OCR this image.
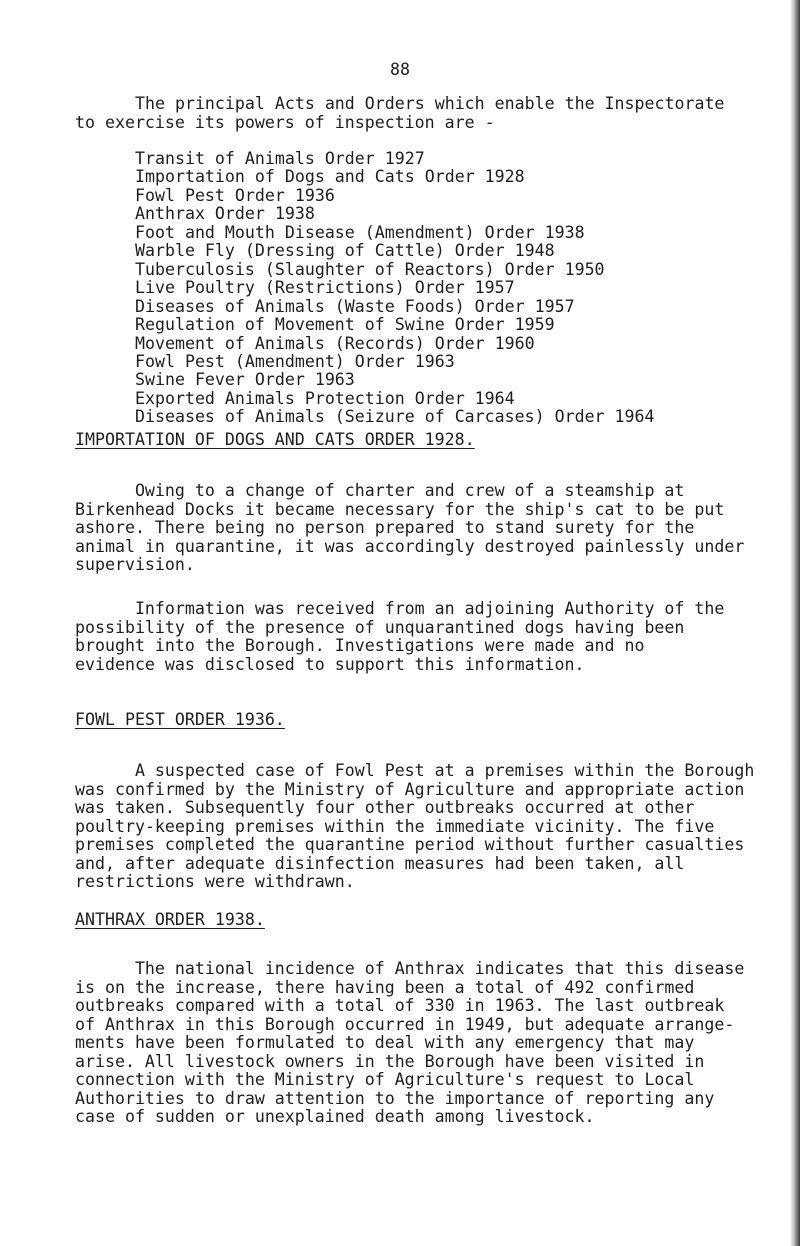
88
The principal Acts and Orders which enable the Inspectorate
to exercise its powers of inspection are -
Transit of Animals Order 1927
Importation of Dogs and Cats Order 1928
Fowl Pest Order 1936
Anthrax Order 1938
Foot and Mouth Disease (Amendment) Order 1938
Warble Fly (Dressing of Cattle) Order 1948
Tuberculosis (Slaughter of Reactors) Order 1950
Live Poultry (Restrictions) Order 1957
Diseases of Animals (Waste Foods) Order 1957
Regulation of Movement of Swine Order 1959
Movement of Animals (Records) Order 1960
Fowl Pest (Amendment) Order 1963
Swine Fever Order 1963
Exported Animals Protection Order 1964
Diseases of Animals (Seizure of Carcases) Order 1964
IMPORTATION OF DOGS AND CATS ORDER 1928.
Owing to a change of charter and crew of a steamship at
Birkenhead Docks it became necessary for the ship's cat to be put
ashore. There being no person prepared to stand surety for the
animal in quarantine, it was accordingly destroyed painlessly under
supervision.
Information was received from an adjoining Authority of the
possibility of the presence of unquarantined dogs having been
brought into the Borough. Investigations were made and no
evidence was disclosed to support this information.
FOWL PEST ORDER 1936.
A suspected case of Fowl Pest at a premises within the Borough
was confirmed by the Ministry of Agriculture and appropriate action
was taken. Subsequently four other outbreaks occurred at other
poultry-keeping premises within the immediate vicinity. The five
premises completed the quarantine period without further casualties
and, after adequate disinfection measures had been taken, all
restrictions were withdrawn.
ANTHRAX ORDER 1938.
The national incidence of Anthrax indicates that this disease
is on the increase, there having been a total of 492 confirmed
outbreaks compared with a total of 330 in 1963. The last outbreak
of Anthrax in this Borough occurred in 1949, but adequate arrange-
ments have been formulated to deal with any emergency that may
arise. All livestock owners in the Borough have been visited in
connection with the Ministry of Agriculture's request to Local
Authorities to draw attention to the importance of reporting any
case of sudden or unexplained death among livestock.
